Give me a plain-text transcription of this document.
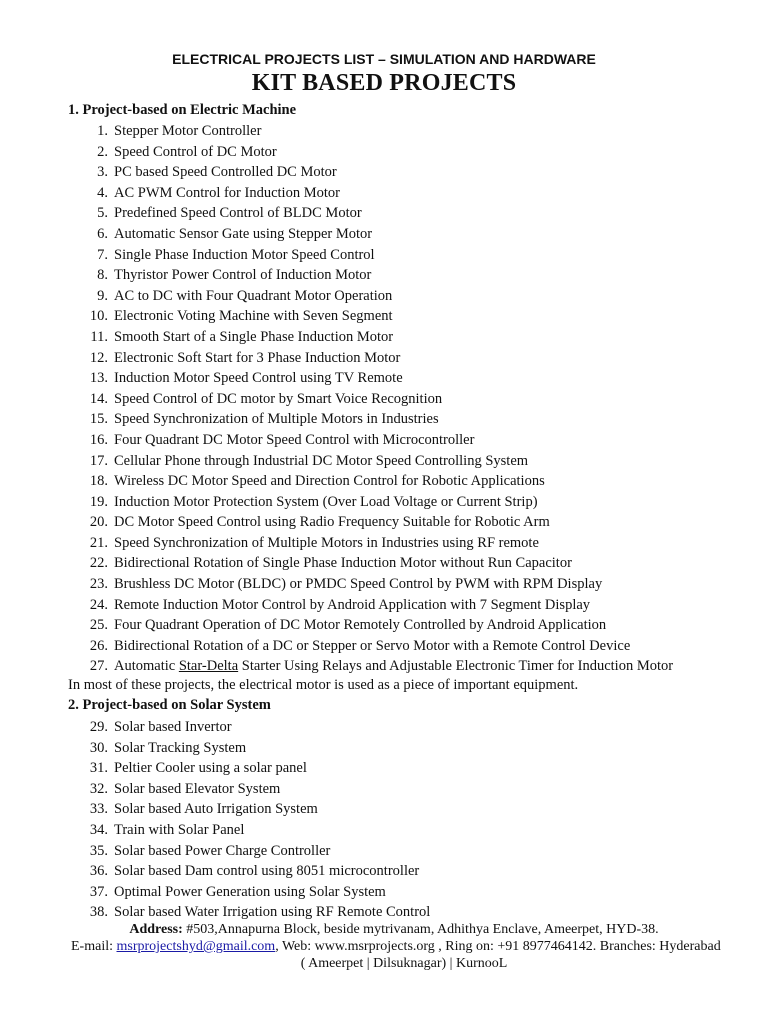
ELECTRICAL PROJECTS LIST – SIMULATION AND HARDWARE
KIT BASED PROJECTS
1. Project-based on Electric Machine
1. Stepper Motor Controller
2. Speed Control of DC Motor
3. PC based Speed Controlled DC Motor
4. AC PWM Control for Induction Motor
5. Predefined Speed Control of BLDC Motor
6. Automatic Sensor Gate using Stepper Motor
7. Single Phase Induction Motor Speed Control
8. Thyristor Power Control of Induction Motor
9. AC to DC with Four Quadrant Motor Operation
10. Electronic Voting Machine with Seven Segment
11. Smooth Start of a Single Phase Induction Motor
12. Electronic Soft Start for 3 Phase Induction Motor
13. Induction Motor Speed Control using TV Remote
14. Speed Control of DC motor by Smart Voice Recognition
15. Speed Synchronization of Multiple Motors in Industries
16. Four Quadrant DC Motor Speed Control with Microcontroller
17. Cellular Phone through Industrial DC Motor Speed Controlling System
18. Wireless DC Motor Speed and Direction Control for Robotic Applications
19. Induction Motor Protection System (Over Load Voltage or Current Strip)
20. DC Motor Speed Control using Radio Frequency Suitable for Robotic Arm
21. Speed Synchronization of Multiple Motors in Industries using RF remote
22. Bidirectional Rotation of Single Phase Induction Motor without Run Capacitor
23. Brushless DC Motor (BLDC) or PMDC Speed Control by PWM with RPM Display
24. Remote Induction Motor Control by Android Application with 7 Segment Display
25. Four Quadrant Operation of DC Motor Remotely Controlled by Android Application
26. Bidirectional Rotation of a DC or Stepper or Servo Motor with a Remote Control Device
27. Automatic Star-Delta Starter Using Relays and Adjustable Electronic Timer for Induction Motor
In most of these projects, the electrical motor is used as a piece of important equipment.
2. Project-based on Solar System
29. Solar based Invertor
30. Solar Tracking System
31. Peltier Cooler using a solar panel
32. Solar based Elevator System
33. Solar based Auto Irrigation System
34. Train with Solar Panel
35. Solar based Power Charge Controller
36. Solar based Dam control using 8051 microcontroller
37. Optimal Power Generation using Solar System
38. Solar based Water Irrigation using RF Remote Control
Address: #503,Annapurna Block, beside mytrivanam, Adhithya Enclave, Ameerpet, HYD-38.
E-mail: msrprojectshyd@gmail.com, Web: www.msrprojects.org , Ring on: +91 8977464142. Branches: Hyderabad
( Ameerpet | Dilsuknagar) | KurnooL
